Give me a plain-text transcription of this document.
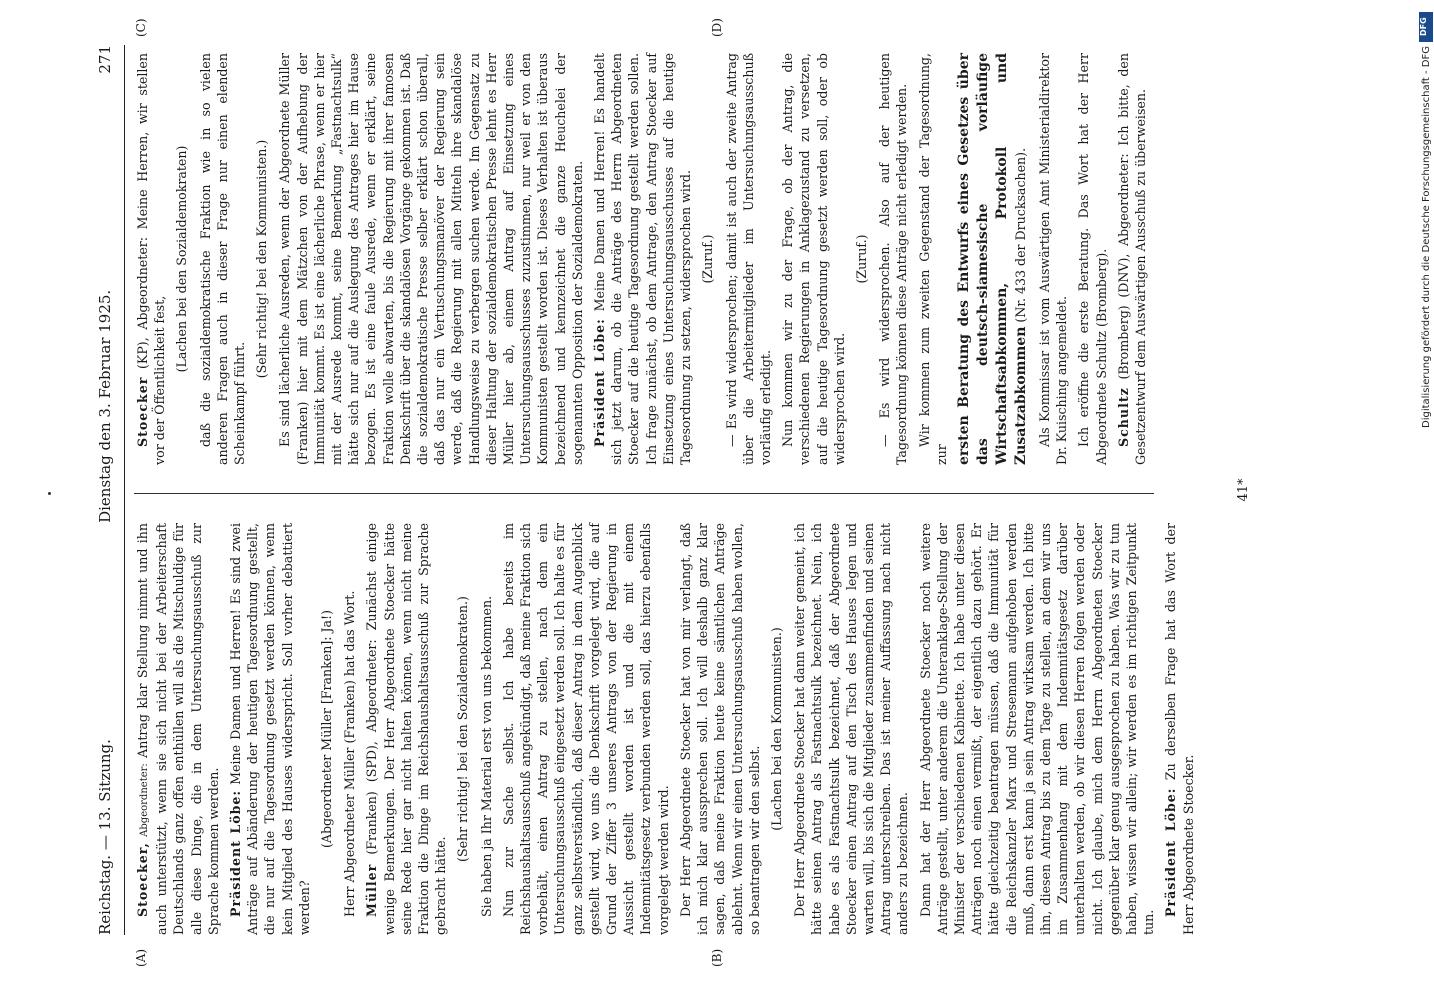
Reichstag. — 13. Sitzung.
Dienstag den 3. Februar 1925.
271

Stoecker, Abgeordneter: Antrag klar Stellung nimmt und ihn auch unterstützt, wenn sie sich nicht bei der Arbeiterschaft Deutschlands ganz offen enthüllen will als die Mitschuldige für alle diese Dinge, die in dem Untersuchungsausschuß zur Sprache kommen werden. Präsident Löbe: Meine Damen und Herren! Es sind zwei Anträge auf Abänderung der heutigen Tagesordnung gestellt, die nur auf die Tagesordnung gesetzt werden können, wenn kein Mitglied des Hauses widerspricht. Soll vorher debattiert werden?

(Abgeordneter Müller [Franken]: Ja!) Herr Abgeordneter Müller (Franken) hat das Wort. Müller (Franken) (SPD), Abgeordneter: Zunächst einige wenige Bemerkungen. Der Herr Abgeordnete Stoecker hätte seine Rede hier gar nicht halten können, wenn nicht meine Fraktion die Dinge im Reichshaushaltsausschuß zur Sprache gebracht hätte.

(Sehr richtig! bei den Sozialdemokraten.) Sie haben ja Ihr Material erst von uns bekommen. Nun zur Sache selbst. Ich habe bereits im Reichshaushaltsausschuß angekündigt, daß meine Fraktion sich vorbehält, einen Antrag zu stellen, nach dem ein Untersuchungsausschuß eingesetzt werden soll. Ich halte es für ganz selbstverständlich, daß dieser Antrag in dem Augenblick gestellt wird, wo uns die Denkschrift vorgelegt wird, die auf Grund der Ziffer 3 unseres Antrags von der Regierung in Aussicht gestellt worden ist und die mit einem Indemnitätsgesetz verbunden werden soll, das hierzu ebenfalls vorgelegt werden wird. Der Herr Abgeordnete Stoecker hat von mir verlangt, daß ich mich klar aussprechen soll. Ich will deshalb ganz klar sagen, daß meine Fraktion heute keine sämtlichen Anträge ablehnt. Wenn wir einen Untersuchungsausschuß haben wollen, so beantragen wir den selbst.

(Lachen bei den Kommunisten.) Der Herr Abgeordnete Stoecker hat dann weiter gemeint, ich hätte seinen Antrag als Fastnachtsulk bezeichnet. Nein, ich habe es als Fastnachtsulk bezeichnet, daß der Abgeordnete Stoecker einen Antrag auf den Tisch des Hauses legen und warten will, bis sich die Mitglieder zusammenfinden und seinen Antrag unterschreiben. Das ist meiner Auffassung nach nicht anders zu bezeichnen. Dann hat der Herr Abgeordnete Stoecker noch weitere Anträge gestellt, unter anderem die Unteranklage-Stellung der Minister der verschiedenen Kabinette. Ich habe unter diesen Anträgen noch einen vermißt, der eigentlich dazu gehört. Er hätte gleichzeitig beantragen müssen, daß die Immunität für die Reichskanzler Marx und Stresemann aufgehoben werden muß, dann erst kann ja sein Antrag wirksam werden. Ich bitte ihn, diesen Antrag bis zu dem Tage zu stellen, an dem wir uns im Zusammenhang mit dem Indemnitätsgesetz darüber unterhalten werden, ob wir diesen Herren folgen werden oder nicht. Ich glaube, mich dem Herrn Abgeordneten Stoecker gegenüber klar genug ausgesprochen zu haben. Was wir zu tun haben, wissen wir allein; wir werden es im richtigen Zeitpunkt tun.

Präsident Löbe: Zu derselben Frage hat das Wort der Herr Abgeordnete Stoecker.

Stoecker (KP), Abgeordneter: Meine Herren, wir stellen vor der Öffentlichkeit fest,

(Lachen bei den Sozialdemokraten) daß die sozialdemokratische Fraktion wie in so vielen anderen Fragen auch in dieser Frage nur einen elenden Scheinkampf führt.

(Sehr richtig! bei den Kommunisten.) Es sind lächerliche Ausreden, wenn der Abgeordnete Müller (Franken) hier mit dem Mätzchen von der Aufhebung der Immunität kommt. Es ist eine lächerliche Phrase, wenn er hier mit der Ausrede kommt, seine Bemerkung „Fastnachtsulk“ hätte sich nur auf die Auslegung des Antrages hier im Hause bezogen. Es ist eine faule Ausrede, wenn er erklärt, seine Fraktion wolle abwarten, bis die Regierung mit ihrer famosen Denkschrift über die skandalösen Vorgänge gekommen ist. Daß die sozialdemokratische Presse selber erklärt schon überall, daß das nur ein Vertuschungsmanöver der Regierung sein werde, daß die Regierung mit allen Mitteln ihre skandalöse Handlungsweise zu verbergen suchen werde. Im Gegensatz zu dieser Haltung der sozialdemokratischen Presse lehnt es Herr Müller hier ab, einem Antrag auf Einsetzung eines Untersuchungsausschusses zuzustimmen, nur weil er von den Kommunisten gestellt worden ist. Dieses Verhalten ist überaus bezeichnend und kennzeichnet die ganze Heuchelei der sogenannten Opposition der Sozialdemokraten. Präsident Löbe: Meine Damen und Herren! Es handelt sich jetzt darum, ob die Anträge des Herrn Abgeordneten Stoecker auf die heutige Tagesordnung gestellt werden sollen. Ich frage zunächst, ob dem Antrage, den Antrag Stoecker auf Einsetzung eines Untersuchungsausschusses auf die heutige Tagesordnung zu setzen, widersprochen wird. (Zuruf.) — Es wird widersprochen; damit ist auch der zweite Antrag über die Arbeitermitglieder im Untersuchungsausschuß vorläufig erledigt. Nun kommen wir zu der Frage, ob der Antrag, die verschiedenen Regierungen in Anklagezustand zu versetzen, auf die heutige Tagesordnung gesetzt werden soll, oder ob widersprochen wird.

(Zuruf.) — Es wird widersprochen. Also auf der heutigen Tagesordnung können diese Anträge nicht erledigt werden. Wir kommen zum zweiten Gegenstand der Tagesordnung, zur ersten Beratung des Entwurfs eines Gesetzes über das deutsch-siamesische vorläufige Wirtschaftsabkommen, Protokoll und Zusatzabkommen (Nr. 433 der Drucksachen). Als Kommissar ist vom Auswärtigen Amt Ministerialdirektor Dr. Kuisching angemeldet. Ich eröffne die erste Beratung. Das Wort hat der Herr Abgeordnete Schultz (Bromberg). Schultz (Bromberg) (DNV), Abgeordneter: Ich bitte, den Gesetzentwurf dem Auswärtigen Ausschuß zu überweisen.

(A)	(B)
(C)	(D)
41*
DFG
Digitalisierung gefördert durch die Deutsche Forschungsgemeinschaft - DFG
